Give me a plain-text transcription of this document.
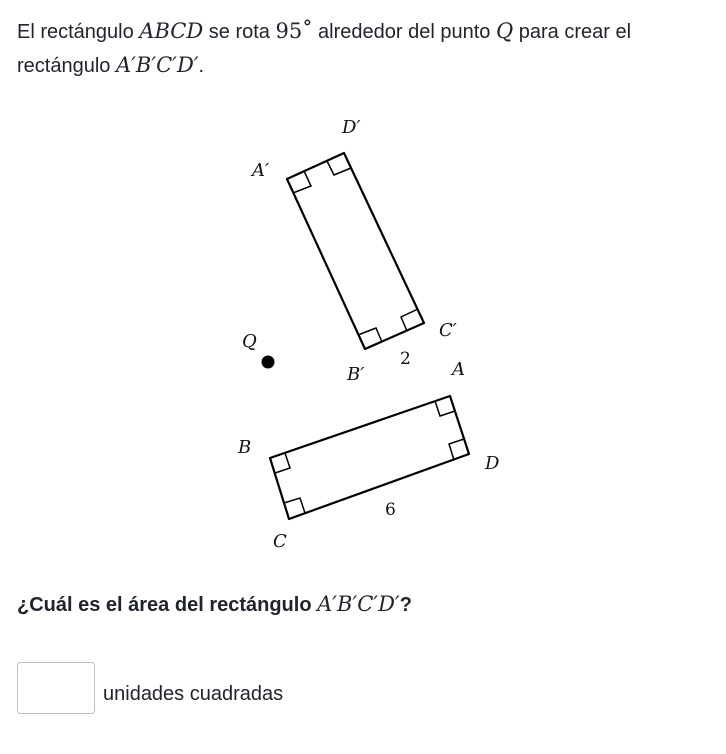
El rectángulo ABCD se rota 95∘ alrededor del punto Q para crear el rectángulo A′B′C′D′.

D′
A′
C′
Q
2
B′	A
B
D
6
C

¿Cuál es el área del rectángulo A′B′C′D′?

unidades cuadradas
